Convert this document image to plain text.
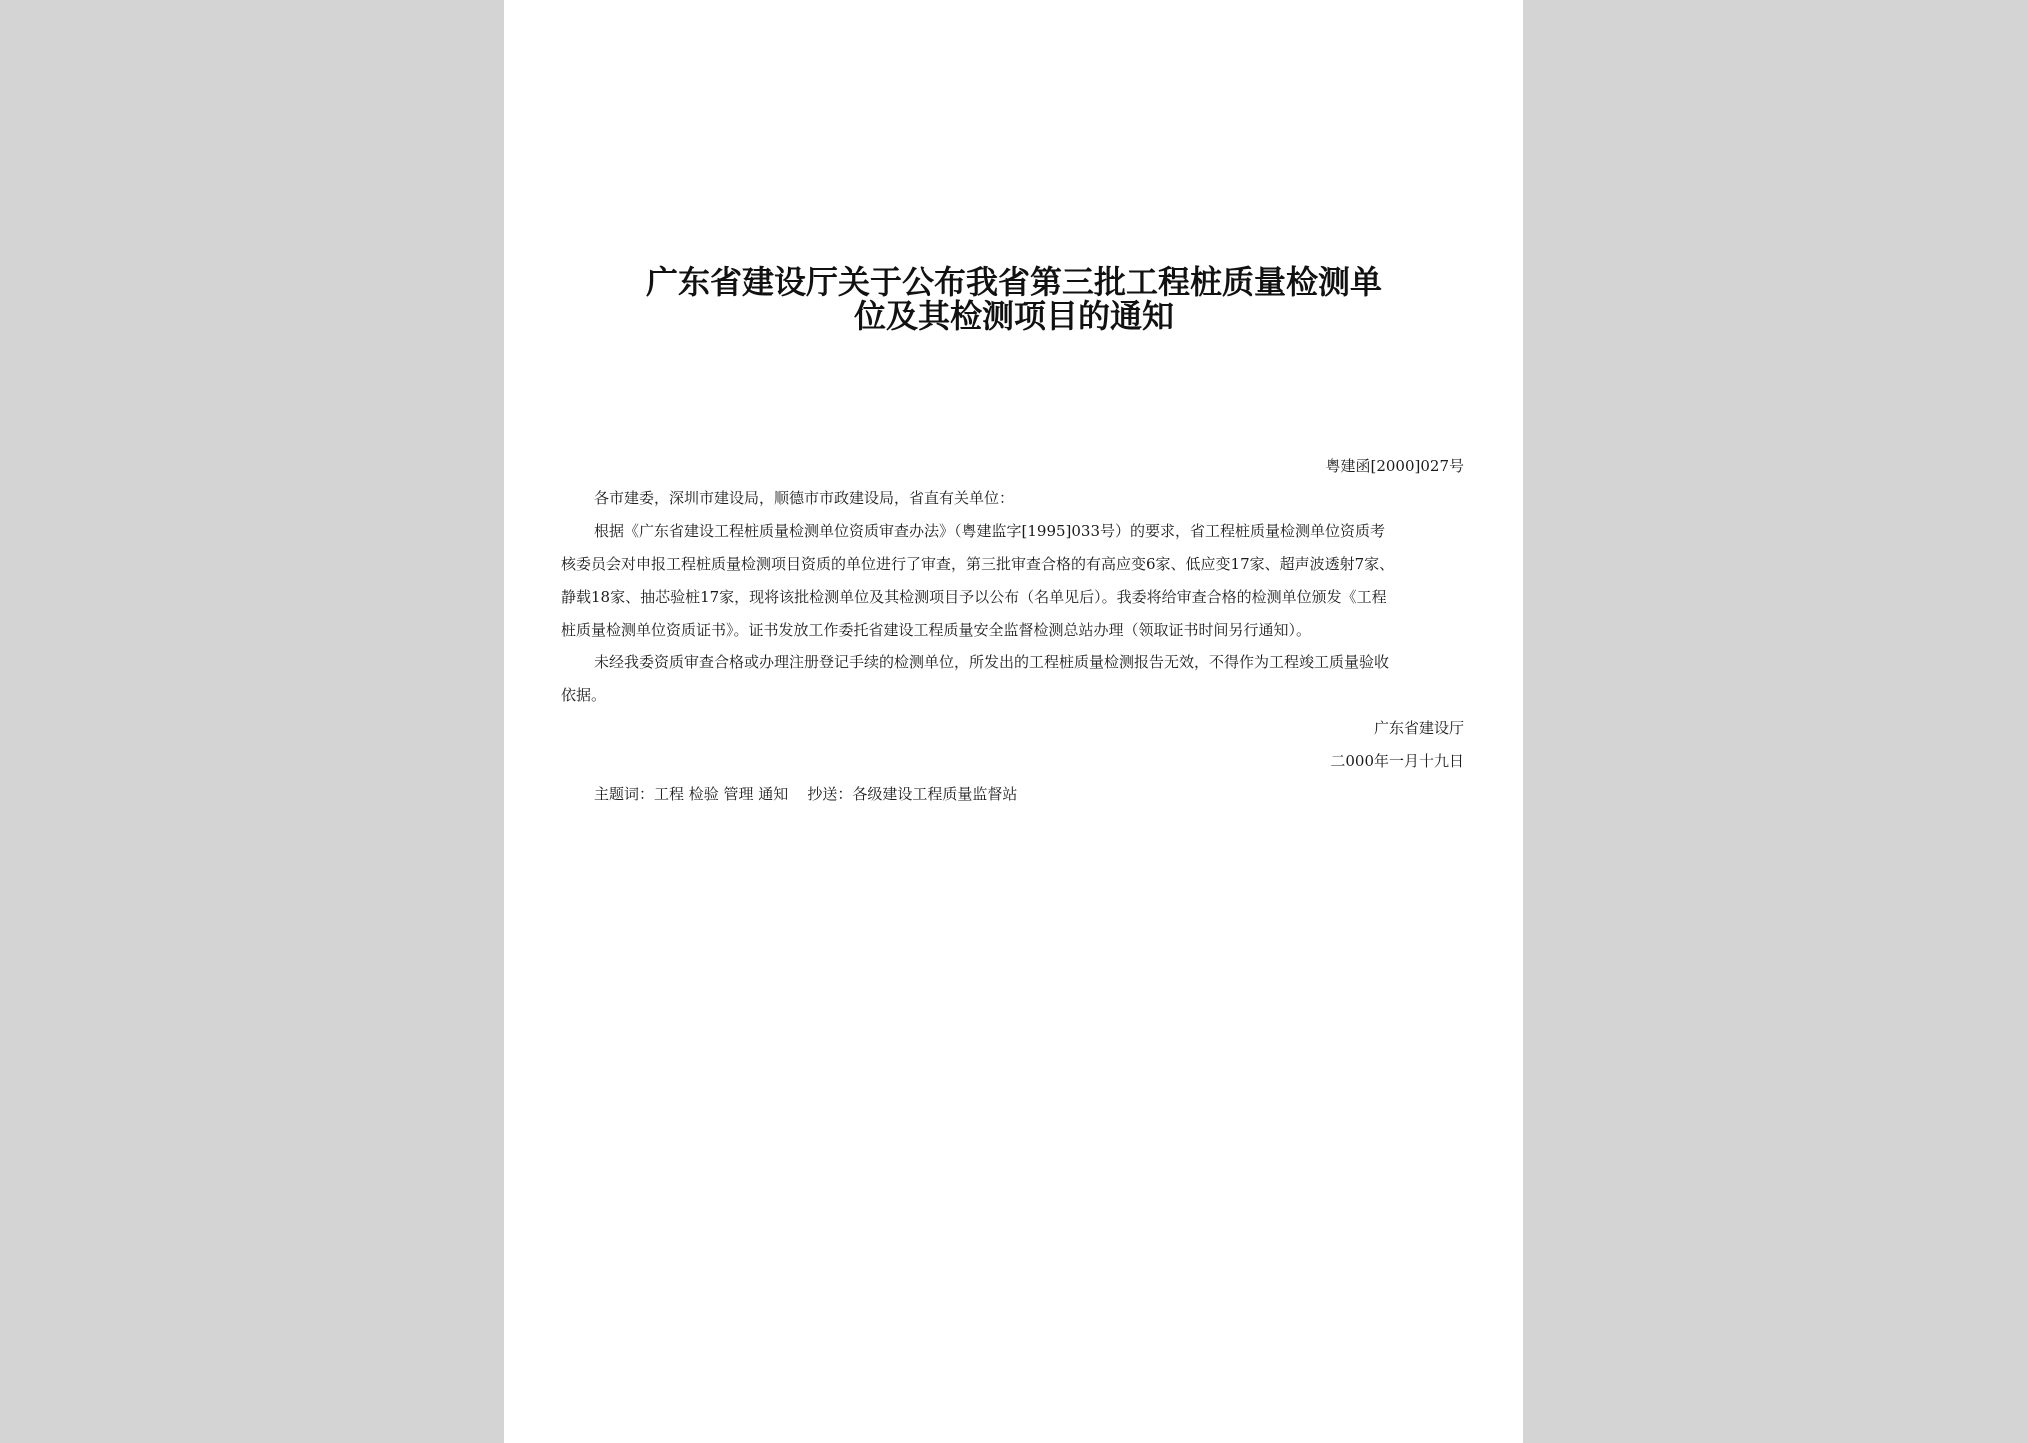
广东省建设厅关于公布我省第三批工程桩质量检测单
位及其检测项目的通知
粤建函[2000]027号
各市建委，深圳市建设局，顺德市市政建设局，省直有关单位：
根据《广东省建设工程桩质量检测单位资质审查办法》（粤建监字[1995]033号）的要求，省工程桩质量检测单位资质考
核委员会对申报工程桩质量检测项目资质的单位进行了审查，第三批审查合格的有高应变6家、低应变17家、超声波透射7家、
静载18家、抽芯验桩17家，现将该批检测单位及其检测项目予以公布（名单见后）。我委将给审查合格的检测单位颁发《工程
桩质量检测单位资质证书》。证书发放工作委托省建设工程质量安全监督检测总站办理（领取证书时间另行通知）。
未经我委资质审查合格或办理注册登记手续的检测单位，所发出的工程桩质量检测报告无效，不得作为工程竣工质量验收
依据。
广东省建设厅
二000年一月十九日
主题词：工程 检验 管理 通知    抄送：各级建设工程质量监督站
